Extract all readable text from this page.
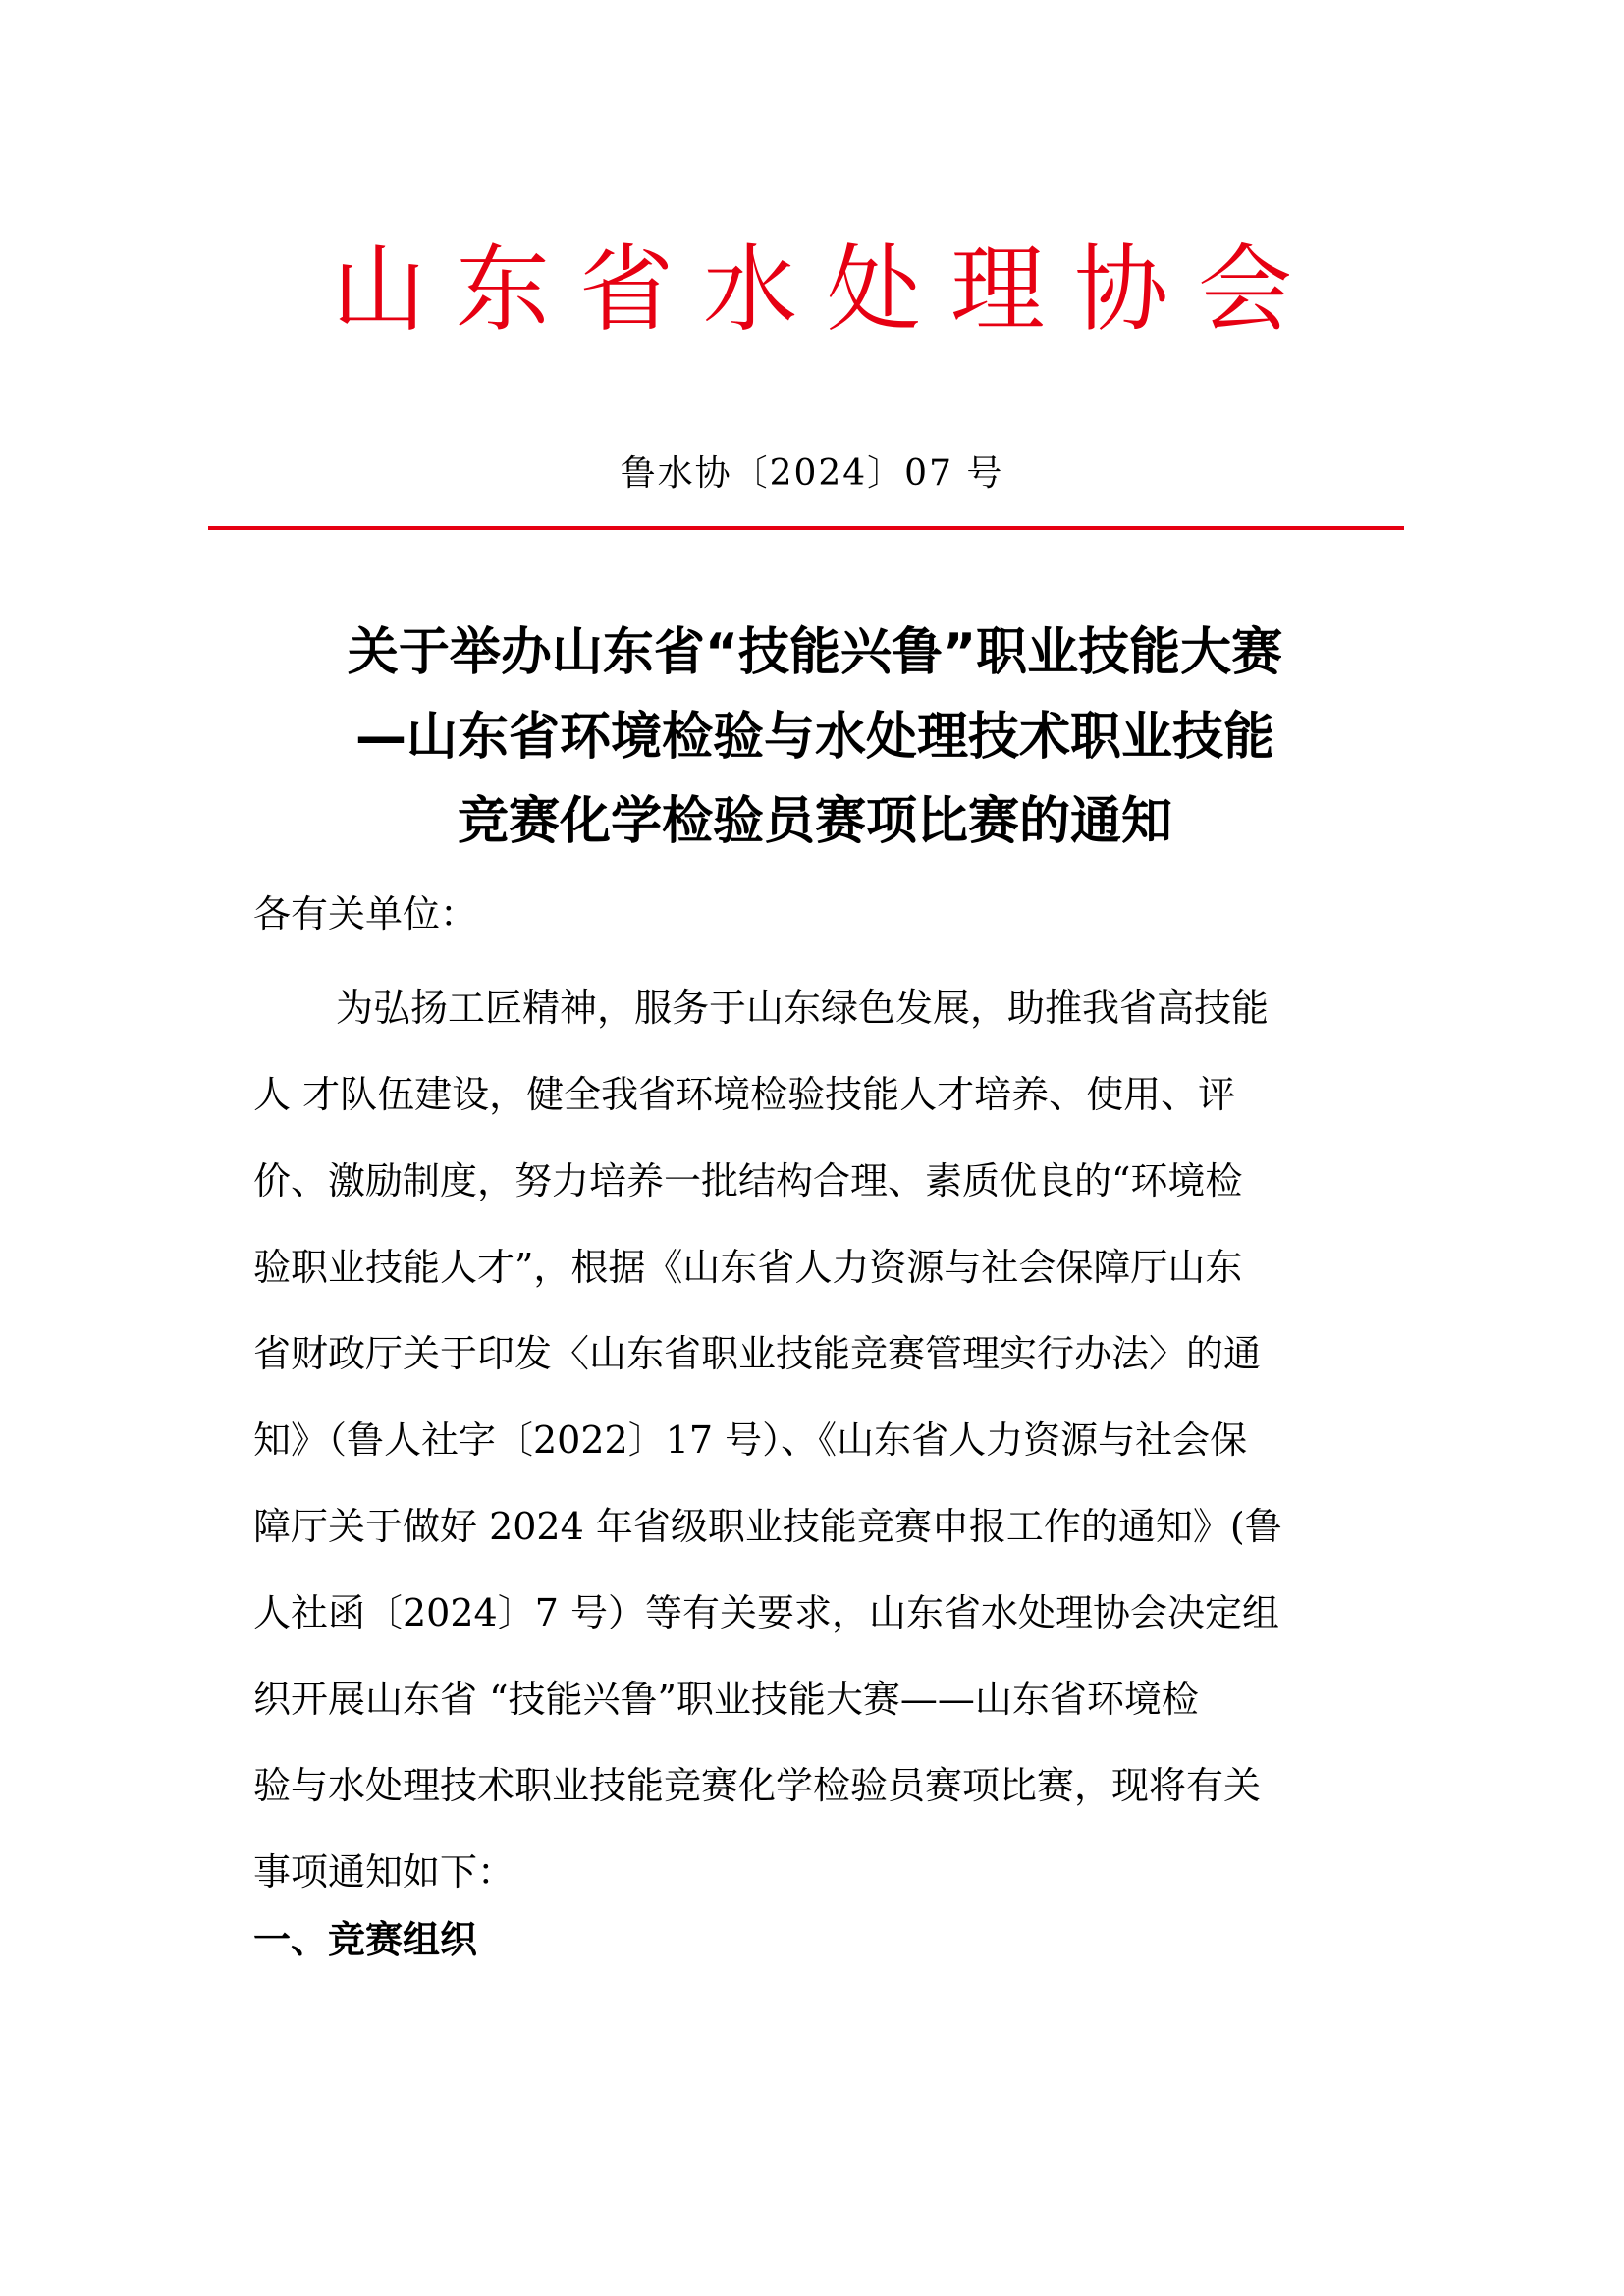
山东省水处理协会
鲁水协〔2024〕07 号
关于举办山东省“技能兴鲁”职业技能大赛
—山东省环境检验与水处理技术职业技能
竞赛化学检验员赛项比赛的通知
各有关单位：
为弘扬工匠精神，服务于山东绿色发展，助推我省高技能
人 才队伍建设，健全我省环境检验技能人才培养、使用、评
价、激励制度，努力培养一批结构合理、素质优良的“环境检
验职业技能人才”，根据《山东省人力资源与社会保障厅山东
省财政厅关于印发〈山东省职业技能竞赛管理实行办法〉的通
知》（鲁人社字〔2022〕17 号）、《山东省人力资源与社会保
障厅关于做好 2024 年省级职业技能竞赛申报工作的通知》(鲁
人社函〔2024〕7 号）等有关要求，山东省水处理协会决定组
织开展山东省 “技能兴鲁”职业技能大赛——山东省环境检
验与水处理技术职业技能竞赛化学检验员赛项比赛，现将有关
事项通知如下：
一、竞赛组织
